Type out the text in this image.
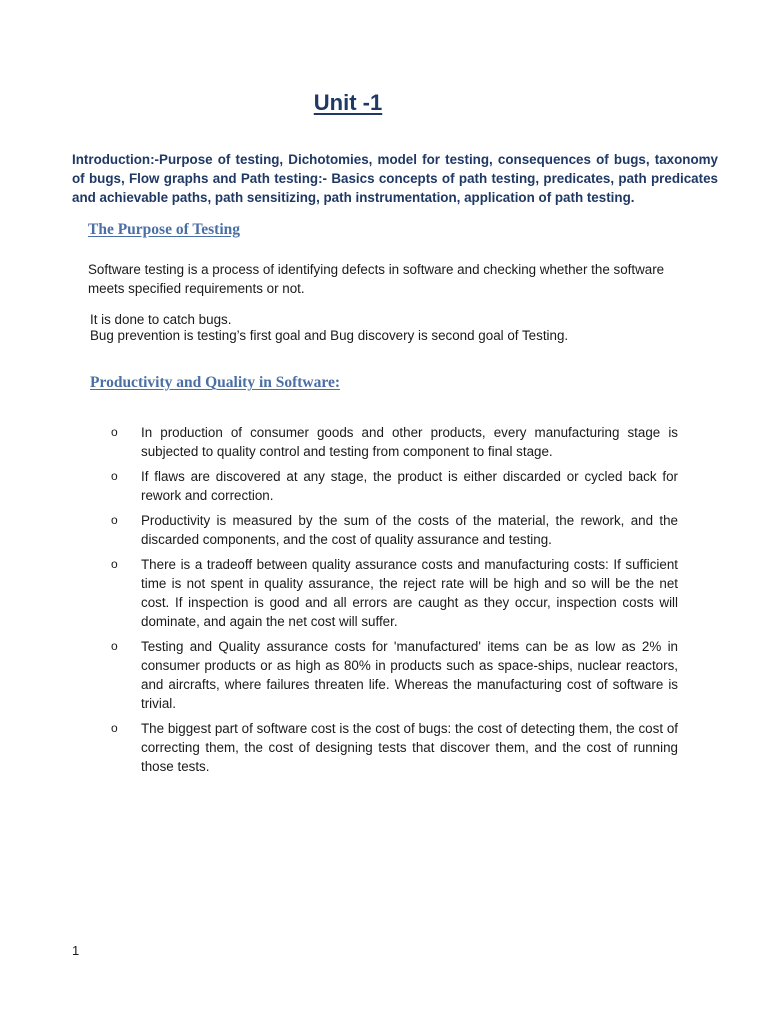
Unit -1
Introduction:-Purpose of testing, Dichotomies, model for testing, consequences of bugs, taxonomy of bugs, Flow graphs and Path testing:- Basics concepts of path testing, predicates, path predicates and achievable paths, path sensitizing, path instrumentation, application of path testing.
The Purpose of Testing
Software testing is a process of identifying defects in software and checking whether the software meets specified requirements or not.
It is done to catch bugs.
Bug prevention is testing’s first goal and Bug discovery is second goal of Testing.
Productivity and Quality in Software:
o In production of consumer goods and other products, every manufacturing stage is subjected to quality control and testing from component to final stage.
o If flaws are discovered at any stage, the product is either discarded or cycled back for rework and correction.
o Productivity is measured by the sum of the costs of the material, the rework, and the discarded components, and the cost of quality assurance and testing.
o There is a tradeoff between quality assurance costs and manufacturing costs: If sufficient time is not spent in quality assurance, the reject rate will be high and so will be the net cost. If inspection is good and all errors are caught as they occur, inspection costs will dominate, and again the net cost will suffer.
o Testing and Quality assurance costs for 'manufactured' items can be as low as 2% in consumer products or as high as 80% in products such as space-ships, nuclear reactors, and aircrafts, where failures threaten life. Whereas the manufacturing cost of software is trivial.
o The biggest part of software cost is the cost of bugs: the cost of detecting them, the cost of correcting them, the cost of designing tests that discover them, and the cost of running those tests.
1
